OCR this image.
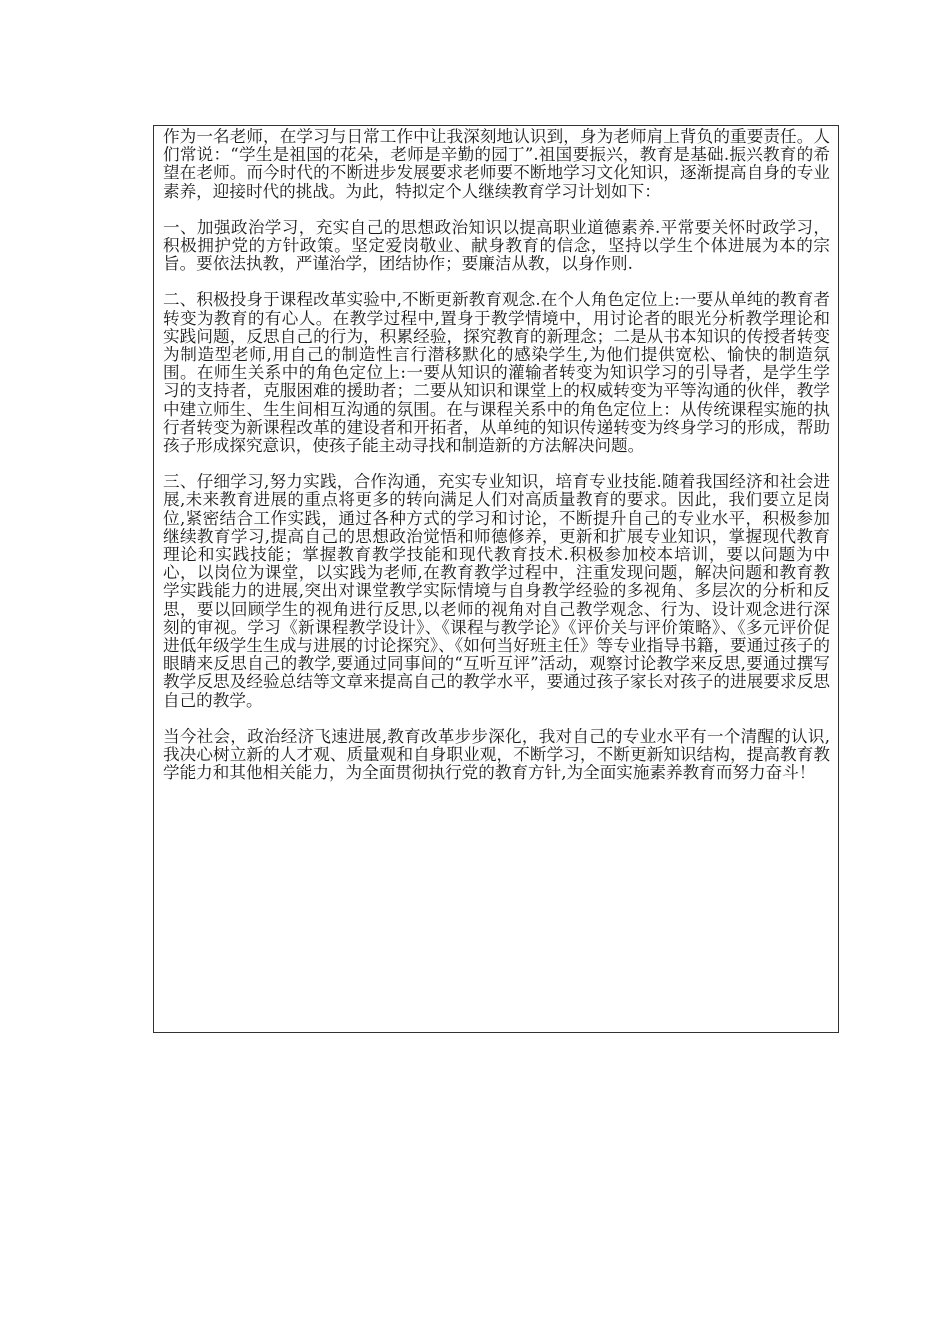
作为一名老师，在学习与日常工作中让我深刻地认识到，身为老师肩上背负的重要责任。人们常说：“学生是祖国的花朵，老师是辛勤的园丁”.祖国要振兴，教育是基础.振兴教育的希望在老师。而今时代的不断进步发展要求老师要不断地学习文化知识，逐渐提高自身的专业素养，迎接时代的挑战。为此，特拟定个人继续教育学习计划如下：

一、加强政治学习，充实自己的思想政治知识以提高职业道德素养.平常要关怀时政学习，积极拥护党的方针政策。坚定爱岗敬业、献身教育的信念，坚持以学生个体进展为本的宗旨。要依法执教，严谨治学，团结协作；要廉洁从教，以身作则.

二、积极投身于课程改革实验中,不断更新教育观念.在个人角色定位上:一要从单纯的教育者转变为教育的有心人。在教学过程中,置身于教学情境中，用讨论者的眼光分析教学理论和实践问题，反思自己的行为，积累经验，探究教育的新理念；二是从书本知识的传授者转变为制造型老师,用自己的制造性言行潜移默化的感染学生,为他们提供宽松、愉快的制造氛围。在师生关系中的角色定位上:一要从知识的灌输者转变为知识学习的引导者，是学生学习的支持者，克服困难的援助者；二要从知识和课堂上的权威转变为平等沟通的伙伴，教学中建立师生、生生间相互沟通的氛围。在与课程关系中的角色定位上：从传统课程实施的执行者转变为新课程改革的建设者和开拓者，从单纯的知识传递转变为终身学习的形成，帮助孩子形成探究意识，使孩子能主动寻找和制造新的方法解决问题。

三、仔细学习,努力实践，合作沟通，充实专业知识，培育专业技能.随着我国经济和社会进展,未来教育进展的重点将更多的转向满足人们对高质量教育的要求。因此，我们要立足岗位,紧密结合工作实践，通过各种方式的学习和讨论，不断提升自己的专业水平，积极参加继续教育学习,提高自己的思想政治觉悟和师德修养，更新和扩展专业知识，掌握现代教育理论和实践技能；掌握教育教学技能和现代教育技术.积极参加校本培训，要以问题为中心，以岗位为课堂，以实践为老师,在教育教学过程中，注重发现问题，解决问题和教育教学实践能力的进展,突出对课堂教学实际情境与自身教学经验的多视角、多层次的分析和反思，要以回顾学生的视角进行反思,以老师的视角对自己教学观念、行为、设计观念进行深刻的审视。学习《新课程教学设计》、《课程与教学论》《评价关与评价策略》、《多元评价促进低年级学生生成与进展的讨论探究》、《如何当好班主任》等专业指导书籍，要通过孩子的眼睛来反思自己的教学,要通过同事间的“互听互评”活动，观察讨论教学来反思,要通过撰写教学反思及经验总结等文章来提高自己的教学水平，要通过孩子家长对孩子的进展要求反思自己的教学。

当今社会，政治经济飞速进展,教育改革步步深化，我对自己的专业水平有一个清醒的认识,我决心树立新的人才观、质量观和自身职业观，不断学习，不断更新知识结构，提高教育教学能力和其他相关能力，为全面贯彻执行党的教育方针,为全面实施素养教育而努力奋斗！
